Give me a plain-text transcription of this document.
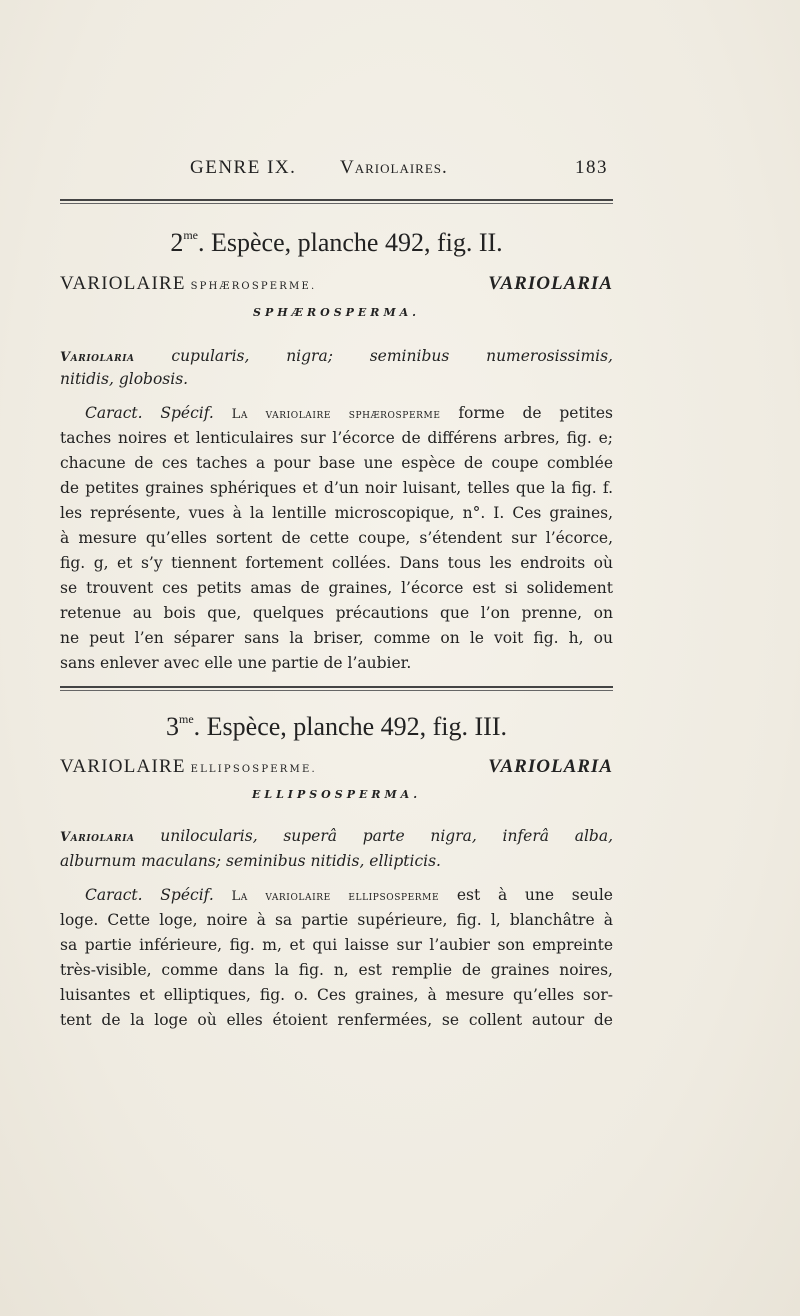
GENRE IX. Variolaires.	183
$2^{me}$. Espèce, planche 492, fig. II.
VARIOLAIRE SPHÆROSPERME.	VARIOLARIA
SPHÆROSPERMA.
Variolaria cupularis, nigra; seminibus numerosissimis,
nitidis, globosis.
Caract. Spécif. La variolaire sphærosperme forme de petites
taches noires et lenticulaires sur l’écorce de différens arbres, fig. e;
chacune de ces taches a pour base une espèce de coupe comblée
de petites graines sphériques et d’un noir luisant, telles que la fig. f.
les représente, vues à la lentille microscopique, n°. I. Ces graines,
à mesure qu’elles sortent de cette coupe, s’étendent sur l’écorce,
fig. g, et s’y tiennent fortement collées. Dans tous les endroits où
se trouvent ces petits amas de graines, l’écorce est si solidement
retenue au bois que, quelques précautions que l’on prenne, on
ne peut l’en séparer sans la briser, comme on le voit fig. h, ou
sans enlever avec elle une partie de l’aubier.
$3^{me}$. Espèce, planche 492, fig. III.
VARIOLAIRE ELLIPSOSPERME.	VARIOLARIA
ELLIPSOSPERMA.
Variolaria unilocularis, superâ parte nigra, inferâ alba,
alburnum maculans; seminibus nitidis, ellipticis.
Caract. Spécif. La variolaire ellipsosperme est à une seule
loge. Cette loge, noire à sa partie supérieure, fig. l, blanchâtre à
sa partie inférieure, fig. m, et qui laisse sur l’aubier son empreinte
très-visible, comme dans la fig. n, est remplie de graines noires,
luisantes et elliptiques, fig. o. Ces graines, à mesure qu’elles sor-
tent de la loge où elles étoient renfermées, se collent autour de
